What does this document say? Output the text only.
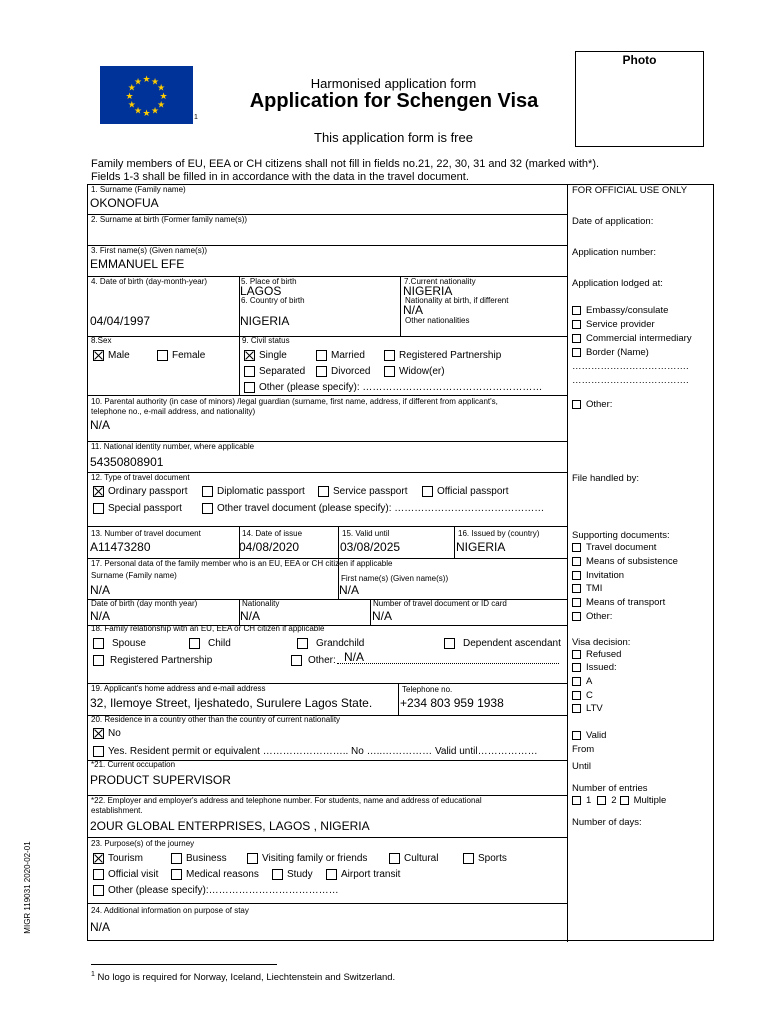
★ ★
★
★
★
★
★
★
★
★
★
★
1
Harmonised application form
Application for Schengen Visa
This application form is free
Photo
Family members of EU, EEA or CH citizens shall not fill in fields no.21, 22, 30, 31 and 32 (marked with*).
Fields 1-3 shall be filled in in accordance with the data in the travel document.
1. Surname (Family name)
OKONOFUA
2. Surname at birth (Former family name(s))
3. First name(s) (Given name(s))
EMMANUEL EFE
4. Date of birth (day-month-year)
04/04/1997
5. Place of birth
LAGOS
6. Country of birth
NIGERIA
7.Current nationality
NIGERIA
Nationality at birth, if different
N/A
Other nationalities
8.Sex
Male	Female
9. Civil status
Single	Married	Registered Partnership
Separated	Divorced	Widow(er)
Other (please specify): ………………………………………………
10. Parental authority (in case of minors) /legal guardian (surname, first name, address, if different from applicant's,
telephone no., e-mail address, and nationality)
N/A
11. National identity number, where applicable
54350808901
12. Type of travel document
Ordinary passport	Diplomatic passport	Service passport	Official passport
Special passport	Other travel document (please specify): ………………………………………
13. Number of travel document
A11473280
14. Date of issue
04/08/2020
15. Valid until
03/08/2025
16. Issued by (country)
NIGERIA
17. Personal data of the family member who is an EU, EEA or CH citizen if applicable
Surname (Family name)
N/A
First name(s) (Given name(s))
N/A
Date of birth (day month year)
N/A
Nationality
N/A
Number of travel document or ID card
N/A
18. Family relationship with an EU, EEA or CH citizen if applicable
Spouse	Child	Grandchild	Dependent ascendant
Registered Partnership	Other: N/A
19. Applicant's home address and e-mail address
32, Ilemoye Street, Ijeshatedo, Surulere Lagos State.
Telephone no.
+234 803 959 1938
20. Residence in a country other than the country of current nationality
No
Yes. Resident permit or equivalent …………………….. No …..…………… Valid until………………
*21. Current occupation
PRODUCT SUPERVISOR
*22. Employer and employer's address and telephone number. For students, name and address of educational
establishment.
2OUR GLOBAL ENTERPRISES, LAGOS , NIGERIA
23. Purpose(s) of the journey
Tourism	Business	Visiting family or friends	Cultural	Sports
Official visit	Medical reasons	Study	Airport transit
Other (please specify):…………………………………
24. Additional information on purpose of stay
N/A
FOR OFFICIAL USE ONLY
Date of application:
Application number:
Application lodged at:
Embassy/consulate
Service provider
Commercial intermediary
Border (Name)
……………………………….
……………………………….
Other:
File handled by:
Supporting documents:
Travel document
Means of subsistence
Invitation
TMI
Means of transport
Other:
Visa decision:
Refused
Issued:
A
C
LTV
Valid
From
Until
Number of entries
1 2 Multiple
Number of days:
MIGR 119031 2020-02-01
$^1$ No logo is required for Norway, Iceland, Liechtenstein and Switzerland.
